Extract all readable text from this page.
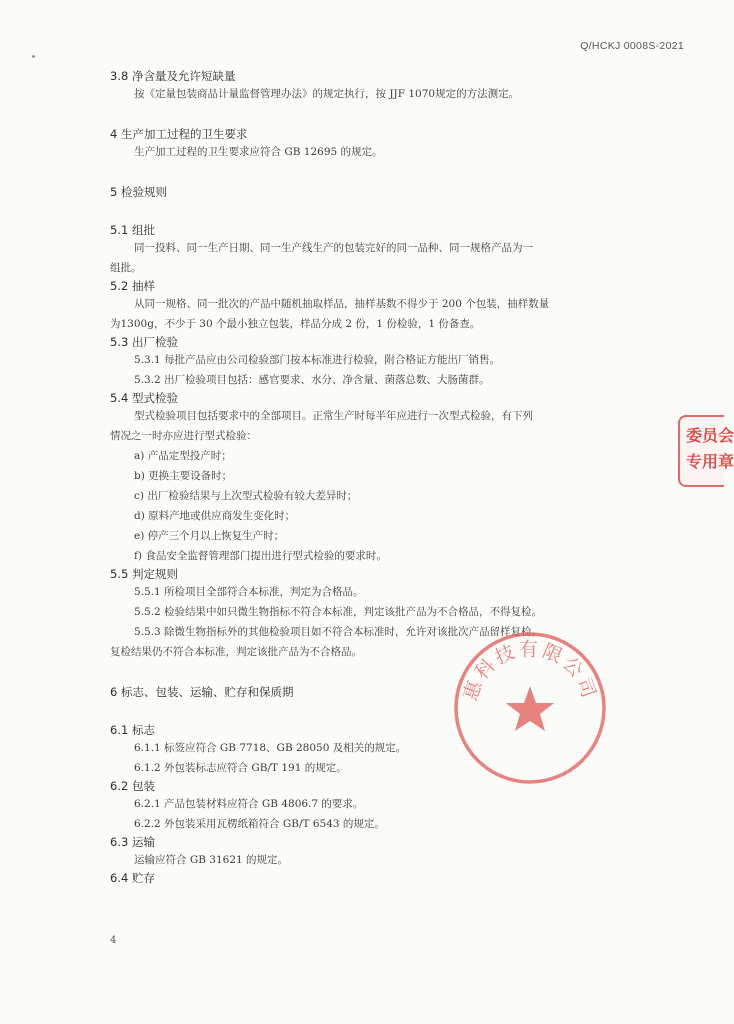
Q/HCKJ 0008S-2021
3.8 净含量及允许短缺量
按《定量包装商品计量监督管理办法》的规定执行，按 JJF 1070规定的方法测定。
4 生产加工过程的卫生要求
生产加工过程的卫生要求应符合 GB 12695 的规定。
5 检验规则
5.1 组批
同一投料、同一生产日期、同一生产线生产的包装完好的同一品种、同一规格产品为一
组批。
5.2 抽样
从同一规格、同一批次的产品中随机抽取样品，抽样基数不得少于 200 个包装，抽样数量
为1300g，不少于 30 个最小独立包装，样品分成 2 份，1 份检验，1 份备查。
5.3 出厂检验
5.3.1 每批产品应由公司检验部门按本标准进行检验，附合格证方能出厂销售。
5.3.2 出厂检验项目包括：感官要求、水分、净含量、菌落总数、大肠菌群。
5.4 型式检验
型式检验项目包括要求中的全部项目。正常生产时每半年应进行一次型式检验，有下列
情况之一时亦应进行型式检验：
a) 产品定型投产时；
b) 更换主要设备时；
c) 出厂检验结果与上次型式检验有较大差异时；
d) 原料产地或供应商发生变化时；
e) 停产三个月以上恢复生产时；
f) 食品安全监督管理部门提出进行型式检验的要求时。
5.5 判定规则
5.5.1 所检项目全部符合本标准，判定为合格品。
5.5.2 检验结果中如只微生物指标不符合本标准，判定该批产品为不合格品，不得复检。
5.5.3 除微生物指标外的其他检验项目如不符合本标准时，允许对该批次产品留样复检。
复检结果仍不符合本标准，判定该批产品为不合格品。
6 标志、包装、运输、贮存和保质期
6.1 标志
6.1.1 标签应符合 GB 7718、GB 28050 及相关的规定。
6.1.2 外包装标志应符合 GB/T 191 的规定。
6.2 包装
6.2.1 产品包装材料应符合 GB 4806.7 的要求。
6.2.2 外包装采用瓦楞纸箱符合 GB/T 6543 的规定。
6.3 运输
运输应符合 GB 31621 的规定。
6.4 贮存
4
惠科技有限公司
委员会
专用章
